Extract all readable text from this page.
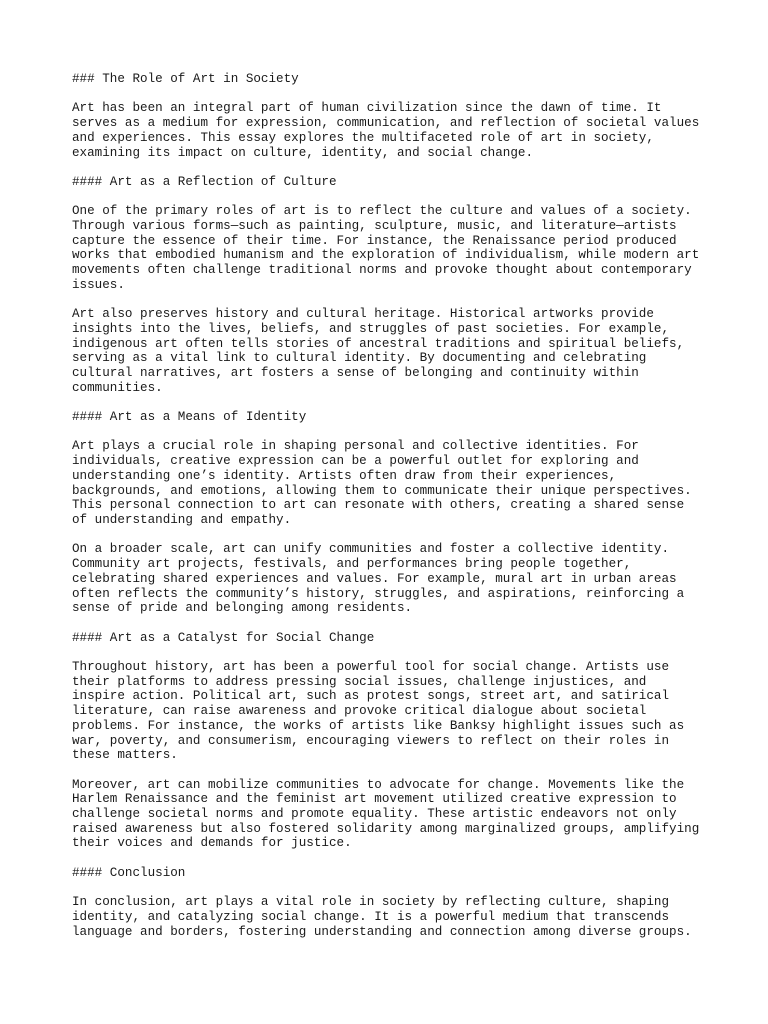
### The Role of Art in Society
Art has been an integral part of human civilization since the dawn of time. It
serves as a medium for expression, communication, and reflection of societal values
and experiences. This essay explores the multifaceted role of art in society,
examining its impact on culture, identity, and social change.
#### Art as a Reflection of Culture
One of the primary roles of art is to reflect the culture and values of a society.
Through various forms—such as painting, sculpture, music, and literature—artists
capture the essence of their time. For instance, the Renaissance period produced
works that embodied humanism and the exploration of individualism, while modern art
movements often challenge traditional norms and provoke thought about contemporary
issues.
Art also preserves history and cultural heritage. Historical artworks provide
insights into the lives, beliefs, and struggles of past societies. For example,
indigenous art often tells stories of ancestral traditions and spiritual beliefs,
serving as a vital link to cultural identity. By documenting and celebrating
cultural narratives, art fosters a sense of belonging and continuity within
communities.
#### Art as a Means of Identity
Art plays a crucial role in shaping personal and collective identities. For
individuals, creative expression can be a powerful outlet for exploring and
understanding one’s identity. Artists often draw from their experiences,
backgrounds, and emotions, allowing them to communicate their unique perspectives.
This personal connection to art can resonate with others, creating a shared sense
of understanding and empathy.
On a broader scale, art can unify communities and foster a collective identity.
Community art projects, festivals, and performances bring people together,
celebrating shared experiences and values. For example, mural art in urban areas
often reflects the community’s history, struggles, and aspirations, reinforcing a
sense of pride and belonging among residents.
#### Art as a Catalyst for Social Change
Throughout history, art has been a powerful tool for social change. Artists use
their platforms to address pressing social issues, challenge injustices, and
inspire action. Political art, such as protest songs, street art, and satirical
literature, can raise awareness and provoke critical dialogue about societal
problems. For instance, the works of artists like Banksy highlight issues such as
war, poverty, and consumerism, encouraging viewers to reflect on their roles in
these matters.
Moreover, art can mobilize communities to advocate for change. Movements like the
Harlem Renaissance and the feminist art movement utilized creative expression to
challenge societal norms and promote equality. These artistic endeavors not only
raised awareness but also fostered solidarity among marginalized groups, amplifying
their voices and demands for justice.
#### Conclusion
In conclusion, art plays a vital role in society by reflecting culture, shaping
identity, and catalyzing social change. It is a powerful medium that transcends
language and borders, fostering understanding and connection among diverse groups.
